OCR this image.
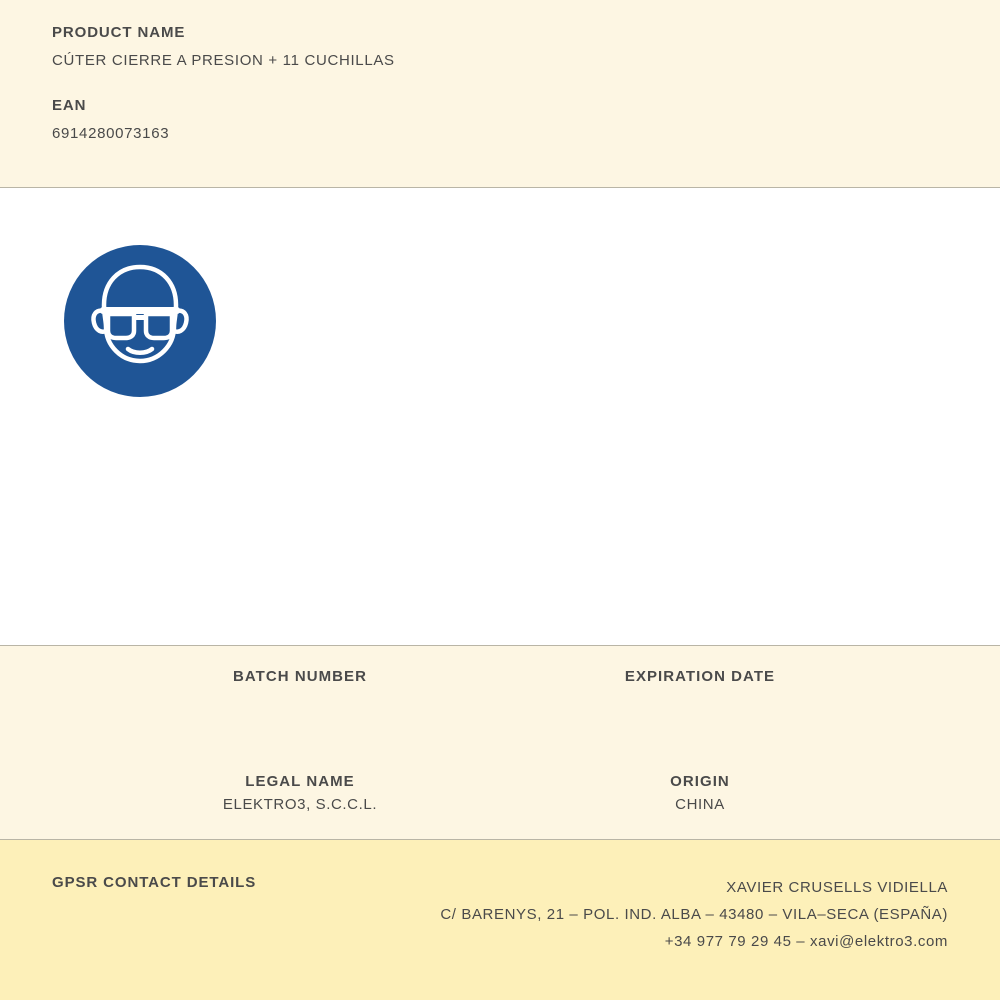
PRODUCT NAME
CÚTER CIERRE A PRESION + 11 CUCHILLAS
EAN
6914280073163
BATCH NUMBER	EXPIRATION DATE
LEGAL NAME
ELEKTRO3, S.C.C.L.
ORIGIN
CHINA
GPSR CONTACT DETAILS	XAVIER CRUSELLS VIDIELLA
C/ BARENYS, 21 – POL. IND. ALBA – 43480 – VILA–SECA (ESPAÑA)
+34 977 79 29 45 – xavi@elektro3.com
